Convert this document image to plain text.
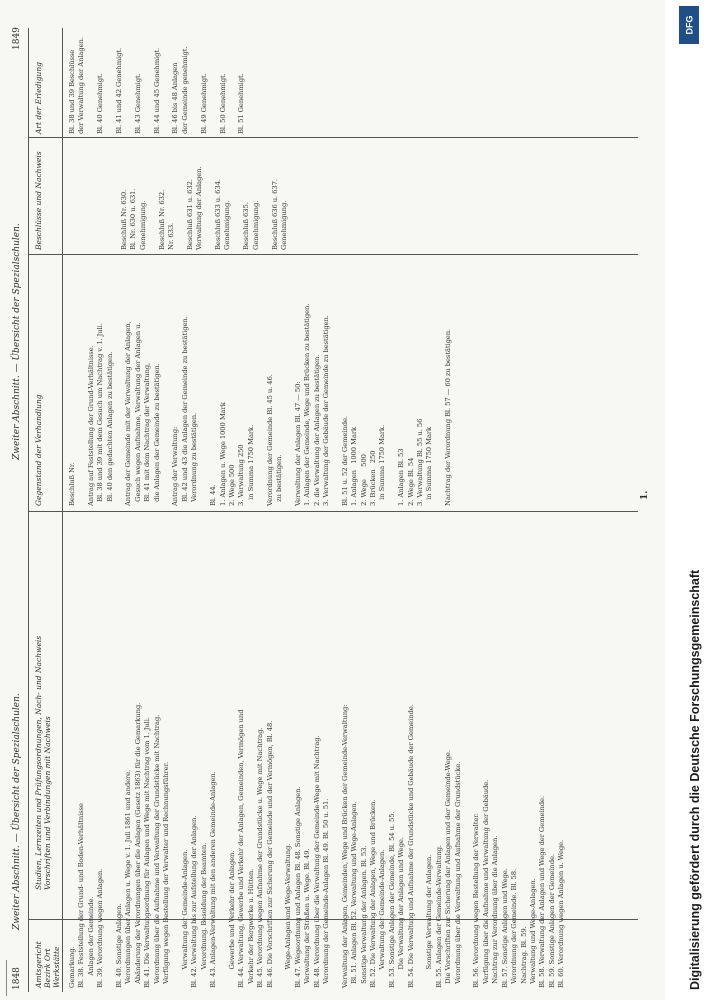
1848
Zweiter Abschnitt. — Übersicht der Spezialschulen.
Zweiter Abschnitt. — Übersicht der Spezialschulen.
1849
Amtsgericht Bezirk Ort
Werkstätte
Studien, Lernzeiten und Prüfungsordnungen, Nach- und Nachweis
Vorschriften und Verbindungen mit Nachweis
Gegenstand der Verhandlung
Beschlüsse und Nachweis
Art der Erledigung
Gemarkung. Bl. 38. Feststellung der Grund- und Boden-Verhältnisse Anlagen der Gemeinde. Bl. 39. Verordnung wegen Anlagen.
Bl. 40. Sonstige Anlagen. Verordnungen über Anlagen u. Wege v. 1. Juli 1861 und andere.
Abänderung der Verordnungen über die Anlagen (Gesetz 1863) für die Gemarkung. Bl. 41. Die Verwaltungsordnung für Anlagen und Wege mit Nachtrag vom 1. Juli. Verordnung über die Aufnahme und Verwaltung der Grundstücke mit Nachtrag.
Verfügung wegen Bestellung der Verwalter und Rechnungsführer.
Verwaltung der Gemeinde-Anlagen. Bl. 42. Verwaltung bis zur Aufstellung der Anlagen. Verordnung. Besoldung der Beamten. Bl. 43. Anlagen-Verwaltung mit den anderen Gemeinde-Anlagen.
Gewerbe und Verkehr der Anlagen. Bl. 44. Verwaltung, Gewerbe und Verkehr der Anlagen, Gemeinden, Vermögen und Verkehr der Bergwerke u. Hütten. Bl. 45. Verordnung wegen Aufnahme der Grundstücke u. Wege mit Nachtrag. Bl. 46. Die Vorschriften zur Sicherung der Gemeinde und der Vermögen, Bl. 48.
Wege-Anlagen und Wege-Verwaltung. Bl. 47. Wegeordnung und Anlagen Bl. 48. Sonstige Anlagen. Verwaltung der Straßen u. Wege. Bl. 49. Bl. 48. Verordnung über die Verwaltung der Gemeinde-Wege mit Nachtrag. Verordnung der Gemeinde-Anlagen Bl. 49. Bl. 50 u. 51.
Verwaltung der Anlagen, Gemeinden, Wege und Brücken der Gemeinde-Verwaltung: Bl. 51. Anlagen Bl. 52. Verwaltung und Wege-Anlagen.
Sonstige Verwaltung der Anlagen. Bl. 53. Bl. 52. Die Verwaltung der Anlagen, Wege und Brücken. Verwaltung der Gemeinde-Anlagen. Bl. 53. Sonstige Anlagen der Gemeinde, Bl. 54 u. 55. Die Verwaltung der Anlagen und Wege. Bl. 54. Die Verwaltung und Aufnahme der Grundstücke und Gebäude der Gemeinde.
Sonstige Verwaltung der Anlagen. Bl. 55. Anlagen der Gemeinde-Verwaltung. Die Vorschriften zur Sicherung der Anlagen und der Gemeinde-Wege.
Verordnung über die Verwaltung und Aufnahme der Grundstücke.
Bl. 56. Verordnung wegen Bestellung der Verwalter. Verfügung über die Aufnahme und Verwaltung der Gebäude.
Nachtrag zur Verordnung über die Anlagen. Bl. 57. Sonstige Anlagen und Wege. Verordnung der Gemeinde. Bl. 58.
Nachtrag. Bl. 59.
Verwaltung und Wege-Anlagen. Bl. 58. Verwaltung der Anlagen und Wege der Gemeinde. Bl. 59. Sonstige Anlagen der Gemeinde. Bl. 60. Verordnung wegen Anlagen u. Wege.
Beschluß Nr.
Antrag auf Feststellung der Grund-Verhältnisse. Bl. 38 und 39 mit dem Gesuch um Nachtrag v. 1. Juli.
Bl. 40 den gedachten Anlagen zu bestätigen.
Antrag der Gemeinde mit der Verwaltung der Anlagen, Gesuch wegen Aufnahme, Verwaltung der Anlagen u.
Bl. 41 mit dem Nachtrag der Verwaltung,
die Anlagen der Gemeinde zu bestätigen.
Antrag der Verwaltung: Bl. 42 und 43 die Anlagen der Gemeinde zu bestätigen.
Verordnung zu bestätigen.
Bl. 44. 1. Anlagen u. Wege 1000 Mark 2. Wege 500 3. Verwaltung 250 in Summa 1750 Mark.
Verordnung der Gemeinde Bl. 45 u. 46. zu bestätigen.
Verwaltung der Anlagen Bl. 47 — 50: 1. Anlagen der Gemeinde, Wege und Brücken zu bestätigen. 2. die Verwaltung der Anlagen zu bestätigen. 3. Verwaltung der Gebäude der Gemeinde zu bestätigen.
Bl. 51 u. 52 der Gemeinde. 1. Anlagen   1000 Mark 2. Wege      500 3. Brücken   250 in Summa 1750 Mark.
1. Anlagen Bl. 53 2. Wege Bl. 54 3. Verwaltung Bl. 55 u. 56 in Summa 1750 Mark
Nachtrag der Verordnung Bl. 57 — 60 zu bestätigen.
Beschluß Nr. 630. Bl. Nr. 630 u. 631. Genehmigung.
Beschluß Nr. 632. Nr. 633.
Beschluß 631 u. 632. Verwaltung der Anlagen.
Beschluß 633 u. 634. Genehmigung.
Beschluß 635. Genehmigung.
Beschluß 636 u. 637. Genehmigung.
Bl. 38 und 39 Beschlüsse der Verwaltung der Anlagen.
Bl. 40 Genehmigt.
Bl. 41 und 42 Genehmigt.
Bl. 43 Genehmigt.
Bl. 44 und 45 Genehmigt.
Bl. 46 bis 48 Anlagen der Gemeinde genehmigt.
Bl. 49 Genehmigt.
Bl. 50 Genehmigt.
Bl. 51 Genehmigt.
1.
DFG
Digitalisierung gefördert durch die Deutsche Forschungsgemeinschaft
